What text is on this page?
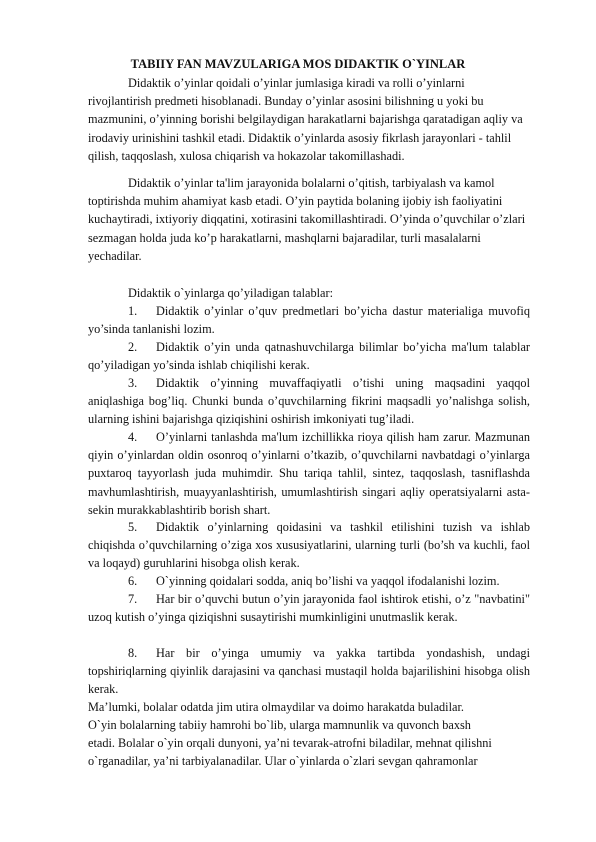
TABIIY FAN MAVZULARIGA MOS DIDAKTIK O`YINLAR
Didaktik o’yinlar qoidali o’yinlar jumlasiga kiradi va rolli o’yinlarni rivojlantirish predmeti hisoblanadi. Bunday o’yinlar asosini bilishning u yoki bu mazmunini, o’yinning borishi belgilaydigan harakatlarni bajarishga qaratadigan aqliy va irodaviy urinishini tashkil etadi. Didaktik o’yinlarda asosiy fikrlash jarayonlari - tahlil qilish, taqqoslash, xulosa chiqarish va hokazolar takomillashadi.
Didaktik o’yinlar ta'lim jarayonida bolalarni o’qitish, tarbiyalash va kamol toptirishda muhim ahamiyat kasb etadi. O’yin paytida bolaning ijobiy ish faoliyatini kuchaytiradi, ixtiyoriy diqqatini, xotirasini takomillashtiradi. O’yinda o’quvchilar o’zlari sezmagan holda juda ko’p harakatlarni, mashqlarni bajaradilar, turli masalalarni yechadilar.
Didaktik o`yinlarga qo’yiladigan talablar:
1. Didaktik o’yinlar o’quv predmetlari bo’yicha dastur materialiga muvofiq yo’sinda tanlanishi lozim.
2. Didaktik o’yin unda qatnashuvchilarga bilimlar bo’yicha ma'lum talablar qo’yiladigan yo’sinda ishlab chiqilishi kerak.
3. Didaktik o’yinning muvaffaqiyatli o’tishi uning maqsadini yaqqol aniqlashiga bog’liq. Chunki bunda o’quvchilarning fikrini maqsadli yo’nalishga solish, ularning ishini bajarishga qiziqishini oshirish imkoniyati tug’iladi.
4. O’yinlarni tanlashda ma'lum izchillikka rioya qilish ham zarur. Mazmunan qiyin o’yinlardan oldin osonroq o’yinlarni o’tkazib, o’quvchilarni navbatdagi o’yinlarga puxtaroq tayyorlash juda muhimdir. Shu tariqa tahlil, sintez, taqqoslash, tasniflashda mavhumlashtirish, muayyanlashtirish, umumlashtirish singari aqliy operatsiyalarni asta-sekin murakkablashtirib borish shart.
5. Didaktik o’yinlarning qoidasini va tashkil etilishini tuzish va ishlab chiqishda o’quvchilarning o’ziga xos xususiyatlarini, ularning turli (bo’sh va kuchli, faol va loqayd) guruhlarini hisobga olish kerak.
6. O`yinning qoidalari sodda, aniq bo’lishi va yaqqol ifodalanishi lozim.
7. Har bir o’quvchi butun o’yin jarayonida faol ishtirok etishi, o’z "navbatini" uzoq kutish o’yinga qiziqishni susaytirishi mumkinligini unutmaslik kerak.
8. Har bir o’yinga umumiy va yakka tartibda yondashish, undagi topshiriqlarning qiyinlik darajasini va qanchasi mustaqil holda bajarilishini hisobga olish kerak.
Ma’lumki, bolalar odatda jim utira olmaydilar va doimo harakatda buladilar.
O`yin bolalarning tabiiy hamrohi bo`lib, ularga mamnunlik va quvonch baxsh
etadi. Bolalar o`yin orqali dunyoni, ya’ni tevarak-atrofni biladilar, mehnat qilishni
o`rganadilar, ya’ni tarbiyalanadilar. Ular o`yinlarda o`zlari sevgan qahramonlar
